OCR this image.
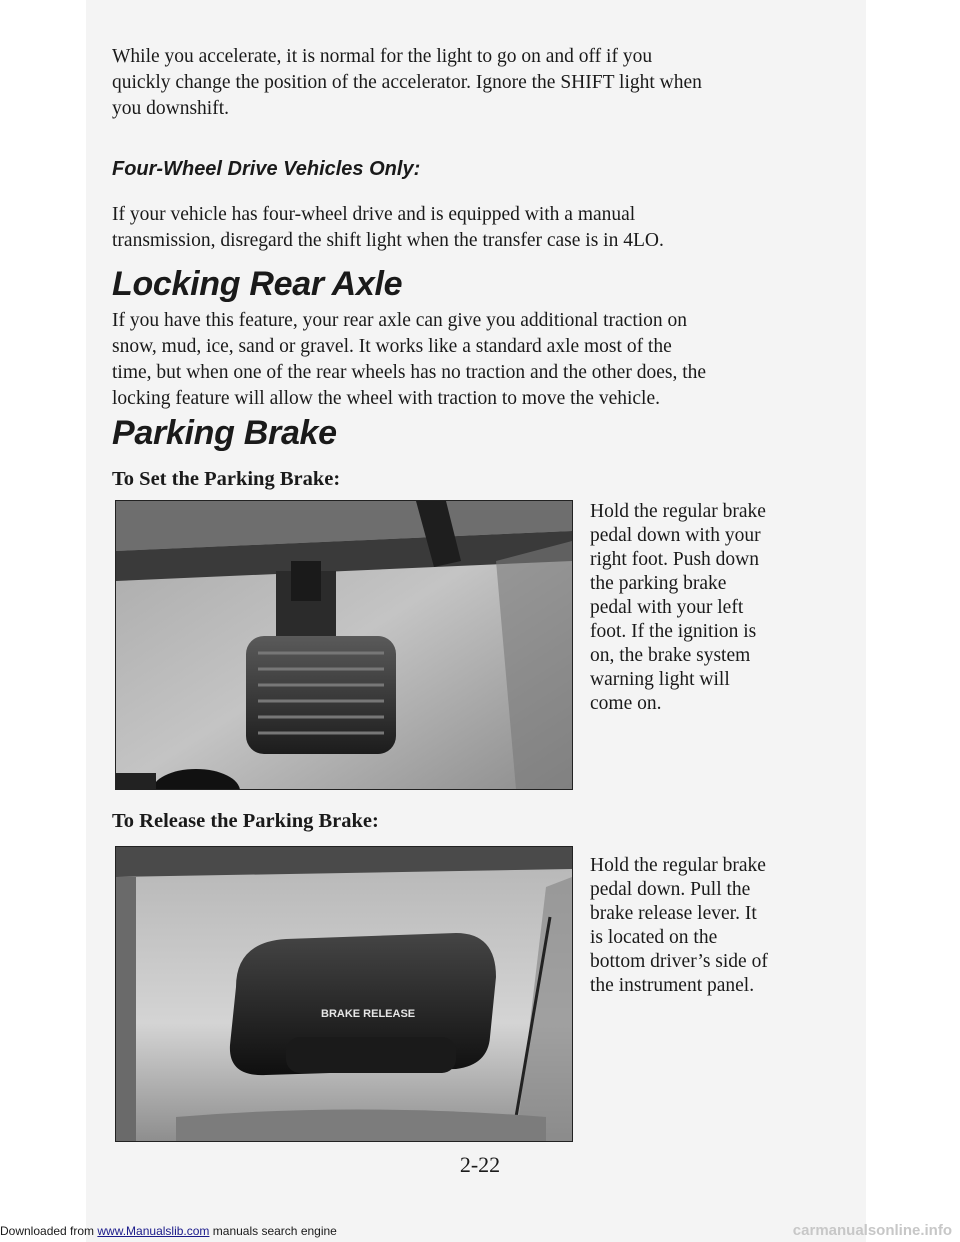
While you accelerate, it is normal for the light to go on and off if you
quickly change the position of the accelerator. Ignore the SHIFT light when
you downshift.

Four-Wheel Drive Vehicles Only:

If your vehicle has four-wheel drive and is equipped with a manual
transmission, disregard the shift light when the transfer case is in 4LO.

Locking Rear Axle

If you have this feature, your rear axle can give you additional traction on
snow, mud, ice, sand or gravel. It works like a standard axle most of the
time, but when one of the rear wheels has no traction and the other does, the
locking feature will allow the wheel with traction to move the vehicle.

Parking Brake
To Set the Parking Brake:

Hold the regular brake
pedal down with your
right foot. Push down
the parking brake
pedal with your left
foot. If the ignition is
on, the brake system
warning light will
come on.

To Release the Parking Brake:
BRAKE RELEASE

Hold the regular brake
pedal down. Pull the
brake release lever. It
is located on the
bottom driver’s side of
the instrument panel.

2-22

Downloaded from www.Manualslib.com manuals search engine	carmanualsonline.info
